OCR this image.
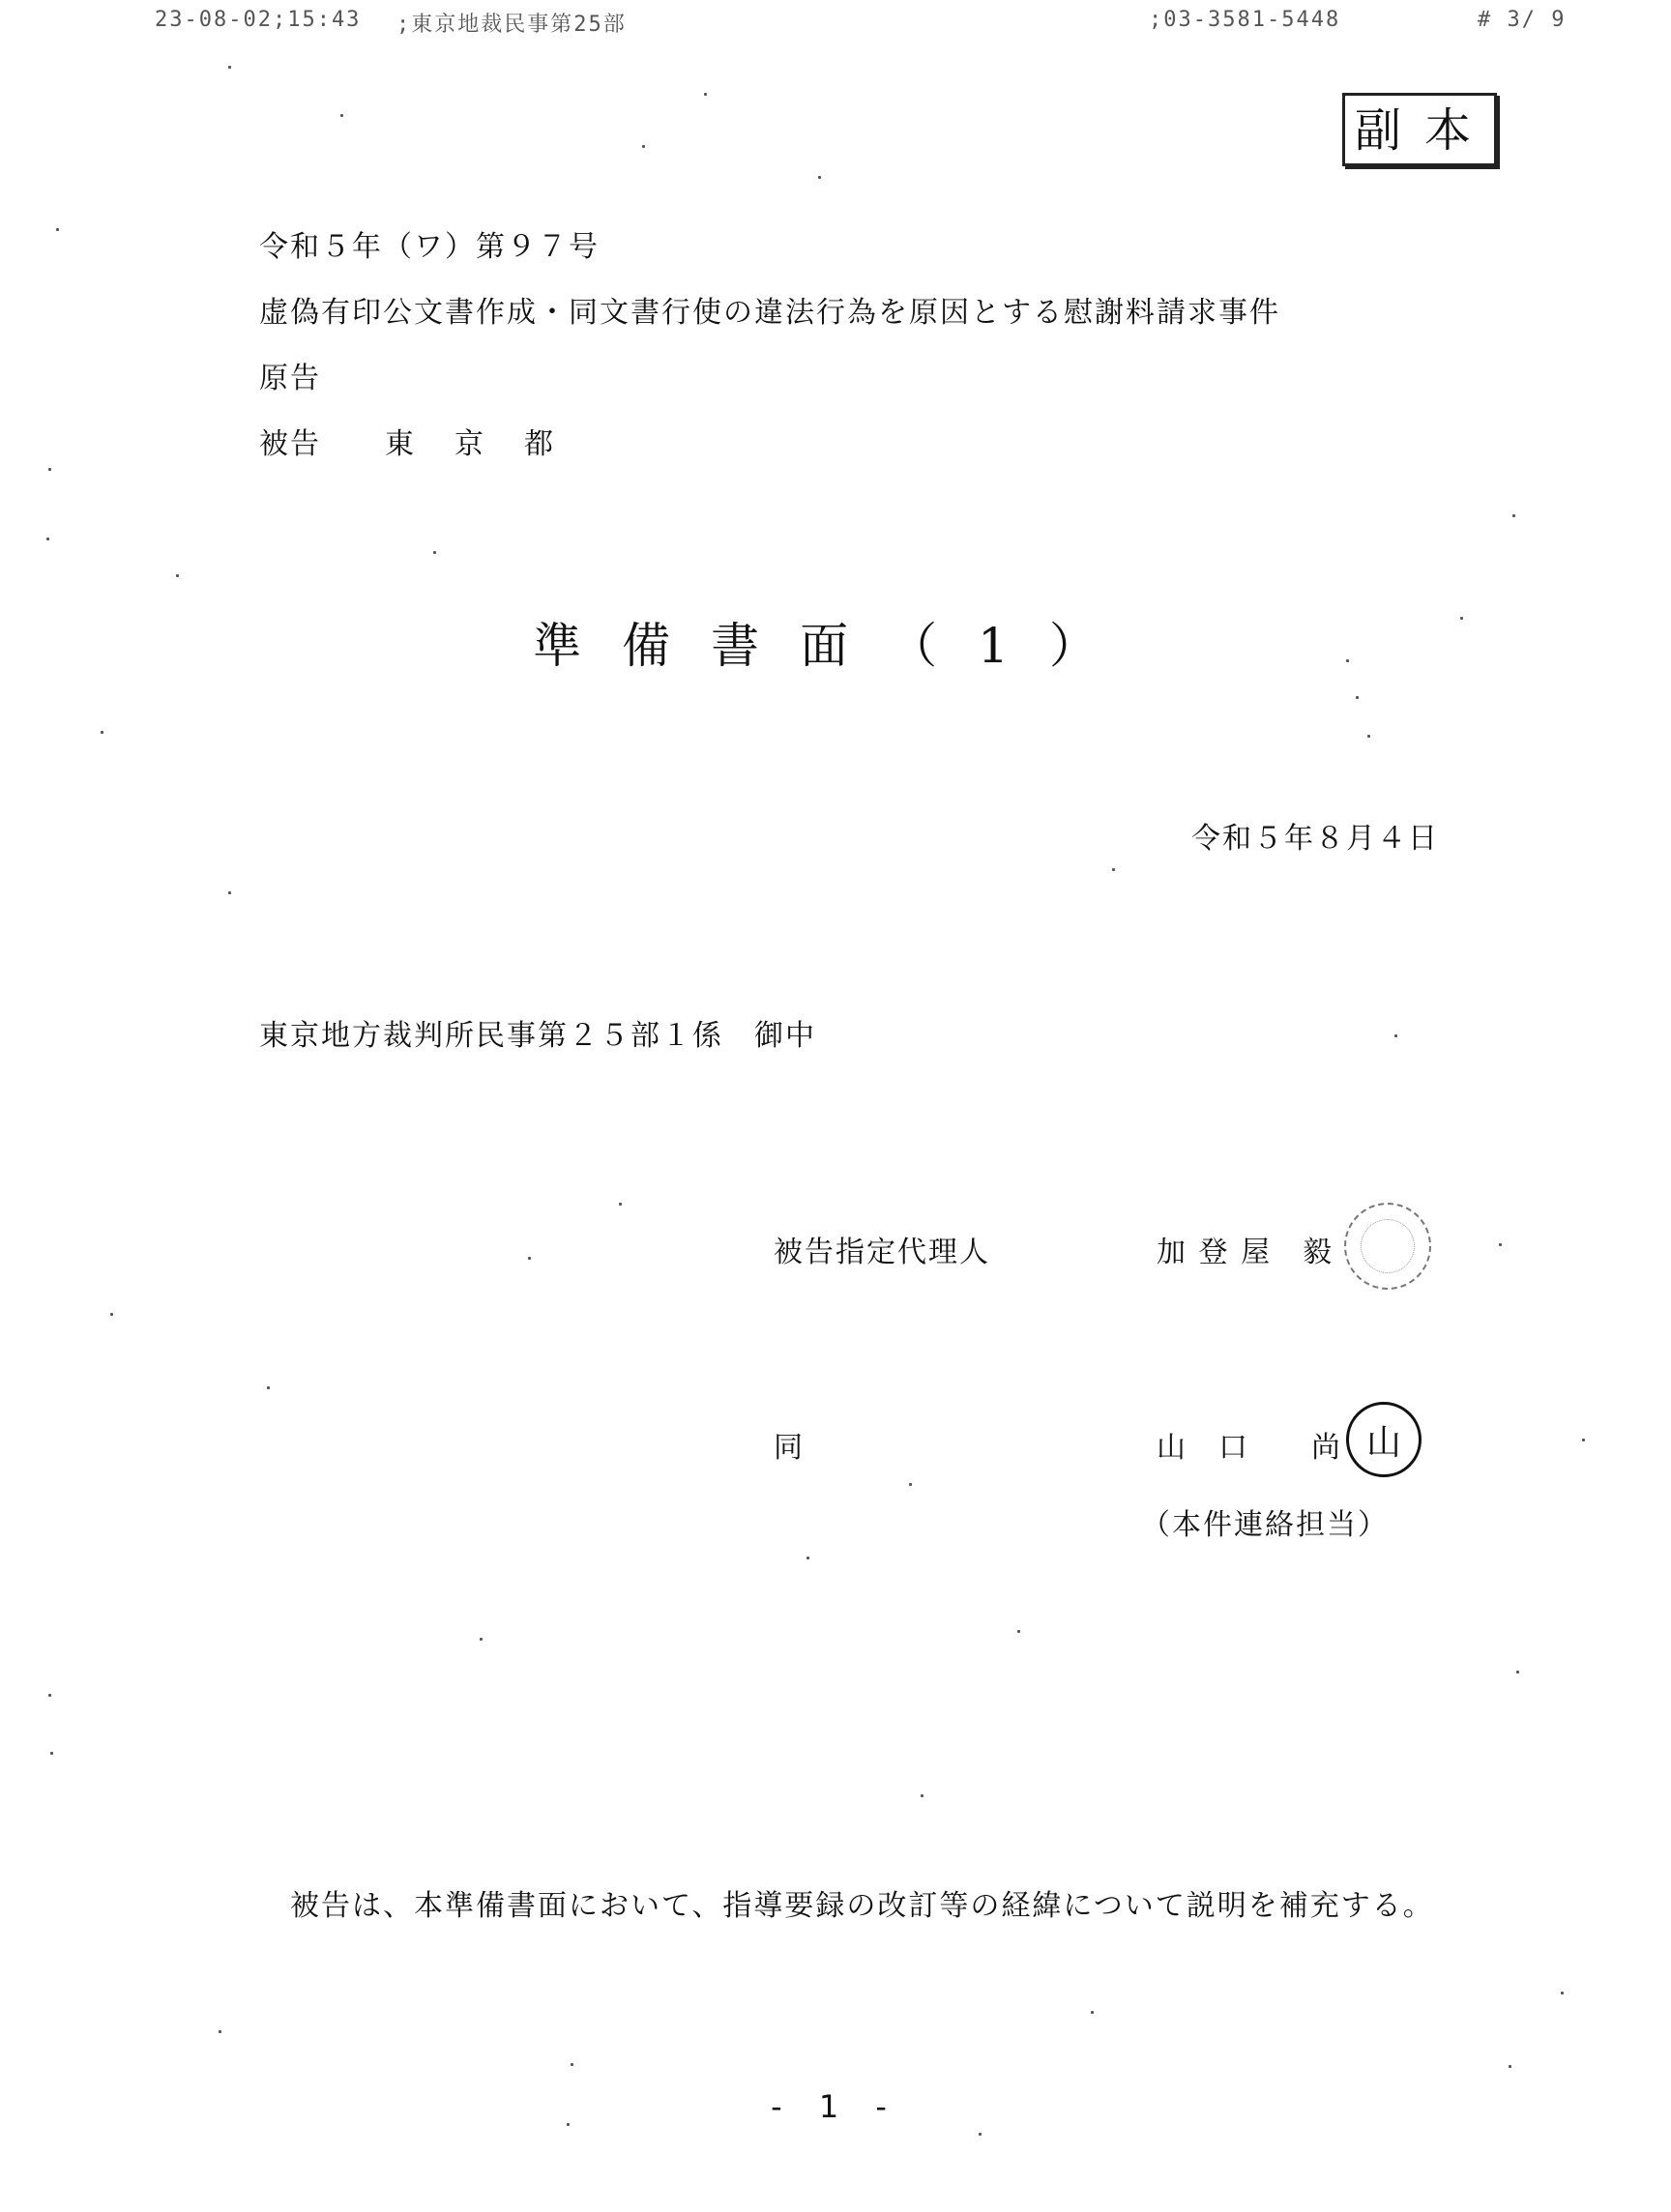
23-08-02;15:43 ;東京地裁民事第25部	;03-3581-5448	# 3/ 9
副本
令和５年（ワ）第９７号
虚偽有印公文書作成・同文書行使の違法行為を原因とする慰謝料請求事件
原告
被告 東　京　都
準備書面（1）
令和５年８月４日
東京地方裁判所民事第２５部１係　御中
被告指定代理人	加 登 屋　毅
同	山　口　　尚 山
（本件連絡担当）
被告は、本準備書面において、指導要録の改訂等の経緯について説明を補充する。
- 1 -
